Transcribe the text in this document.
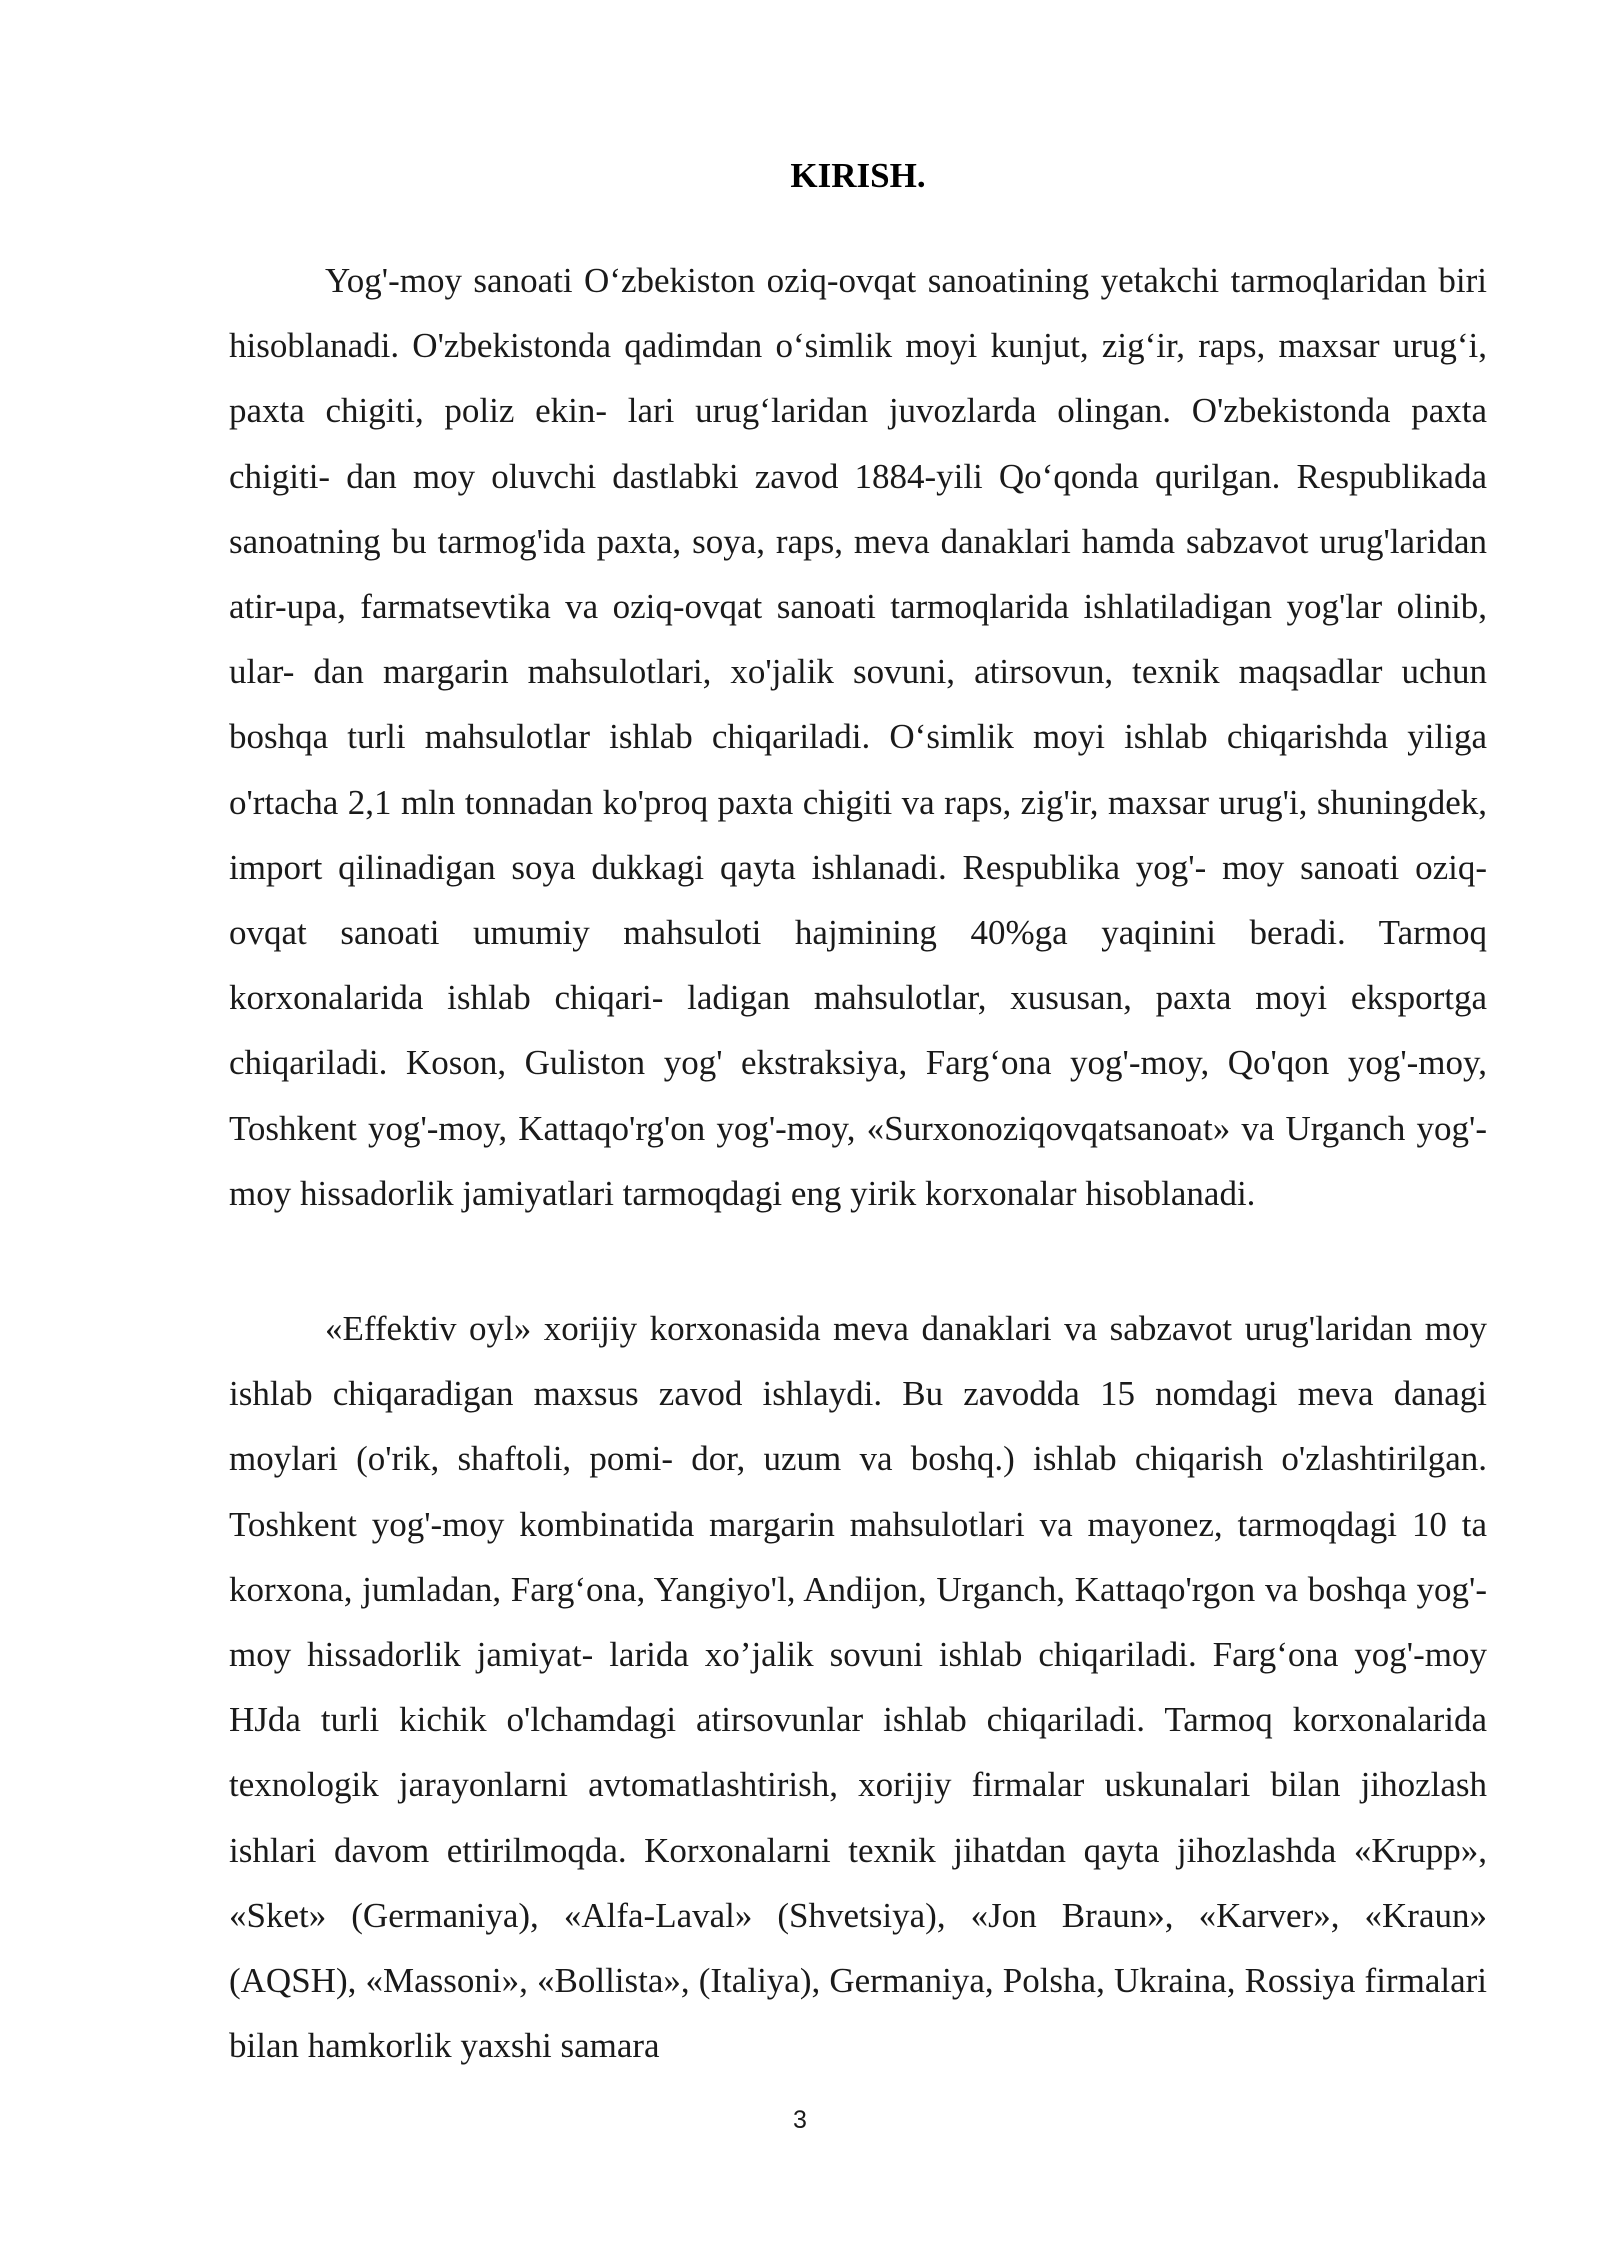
KIRISH.

Yog'-moy sanoati O‘zbekiston oziq-ovqat sanoatining yetakchi tarmoqlaridan biri hisoblanadi. O'zbekistonda qadimdan o‘simlik moyi kunjut, zig‘ir, raps, maxsar urug‘i, paxta chigiti, poliz ekin- lari urug‘laridan juvozlarda olingan. O'zbekistonda paxta chigiti- dan moy oluvchi dastlabki zavod 1884-yili Qo‘qonda qurilgan. Respublikada sanoatning bu tarmog'ida paxta, soya, raps, meva danaklari hamda sabzavot urug'laridan atir-upa, farmatsevtika va oziq-ovqat sanoati tarmoqlarida ishlatiladigan yog'lar olinib, ular- dan margarin mahsulotlari, xo'jalik sovuni, atirsovun, texnik maqsadlar uchun boshqa turli mahsulotlar ishlab chiqariladi. O‘simlik moyi ishlab chiqarishda yiliga o'rtacha 2,1 mln tonnadan ko'proq paxta chigiti va raps, zig'ir, maxsar urug'i, shuningdek, import qilinadigan soya dukkagi qayta ishlanadi. Respublika yog'- moy sanoati oziq-ovqat sanoati umumiy mahsuloti hajmining 40%ga yaqinini beradi. Tarmoq korxonalarida ishlab chiqari- ladigan mahsulotlar, xususan, paxta moyi eksportga chiqariladi. Koson, Guliston yog' ekstraksiya, Farg‘ona yog'-moy, Qo'qon yog'-moy, Toshkent yog'-moy, Kattaqo'rg'on yog'-moy, «Surxonoziqovqatsanoat» va Urganch yog'-moy hissadorlik jamiyatlari tarmoqdagi eng yirik korxonalar hisoblanadi.

«Effektiv oyl» xorijiy korxonasida meva danaklari va sabzavot urug'laridan moy ishlab chiqaradigan maxsus zavod ishlaydi. Bu zavodda 15 nomdagi meva danagi moylari (o'rik, shaftoli, pomi- dor, uzum va boshq.) ishlab chiqarish o'zlashtirilgan. Toshkent yog'-moy kombinatida margarin mahsulotlari va mayonez, tarmoqdagi 10 ta korxona, jumladan, Farg‘ona, Yangiyo'l, Andijon, Urganch, Kattaqo'rgon va boshqa yog'-moy hissadorlik jamiyat- larida xo’jalik sovuni ishlab chiqariladi. Farg‘ona yog'-moy HJda turli kichik o'lchamdagi atirsovunlar ishlab chiqariladi. Tarmoq korxonalarida texnologik jarayonlarni avtomatlashtirish, xorijiy firmalar uskunalari bilan jihozlash ishlari davom ettirilmoqda. Korxonalarni texnik jihatdan qayta jihozlashda «Krupp», «Sket» (Germaniya), «Alfa-Laval» (Shvetsiya), «Jon Braun», «Karver», «Kraun» (AQSH), «Massoni», «Bollista», (Italiya), Germaniya, Polsha, Ukraina, Rossiya firmalari bilan hamkorlik yaxshi samara

3
